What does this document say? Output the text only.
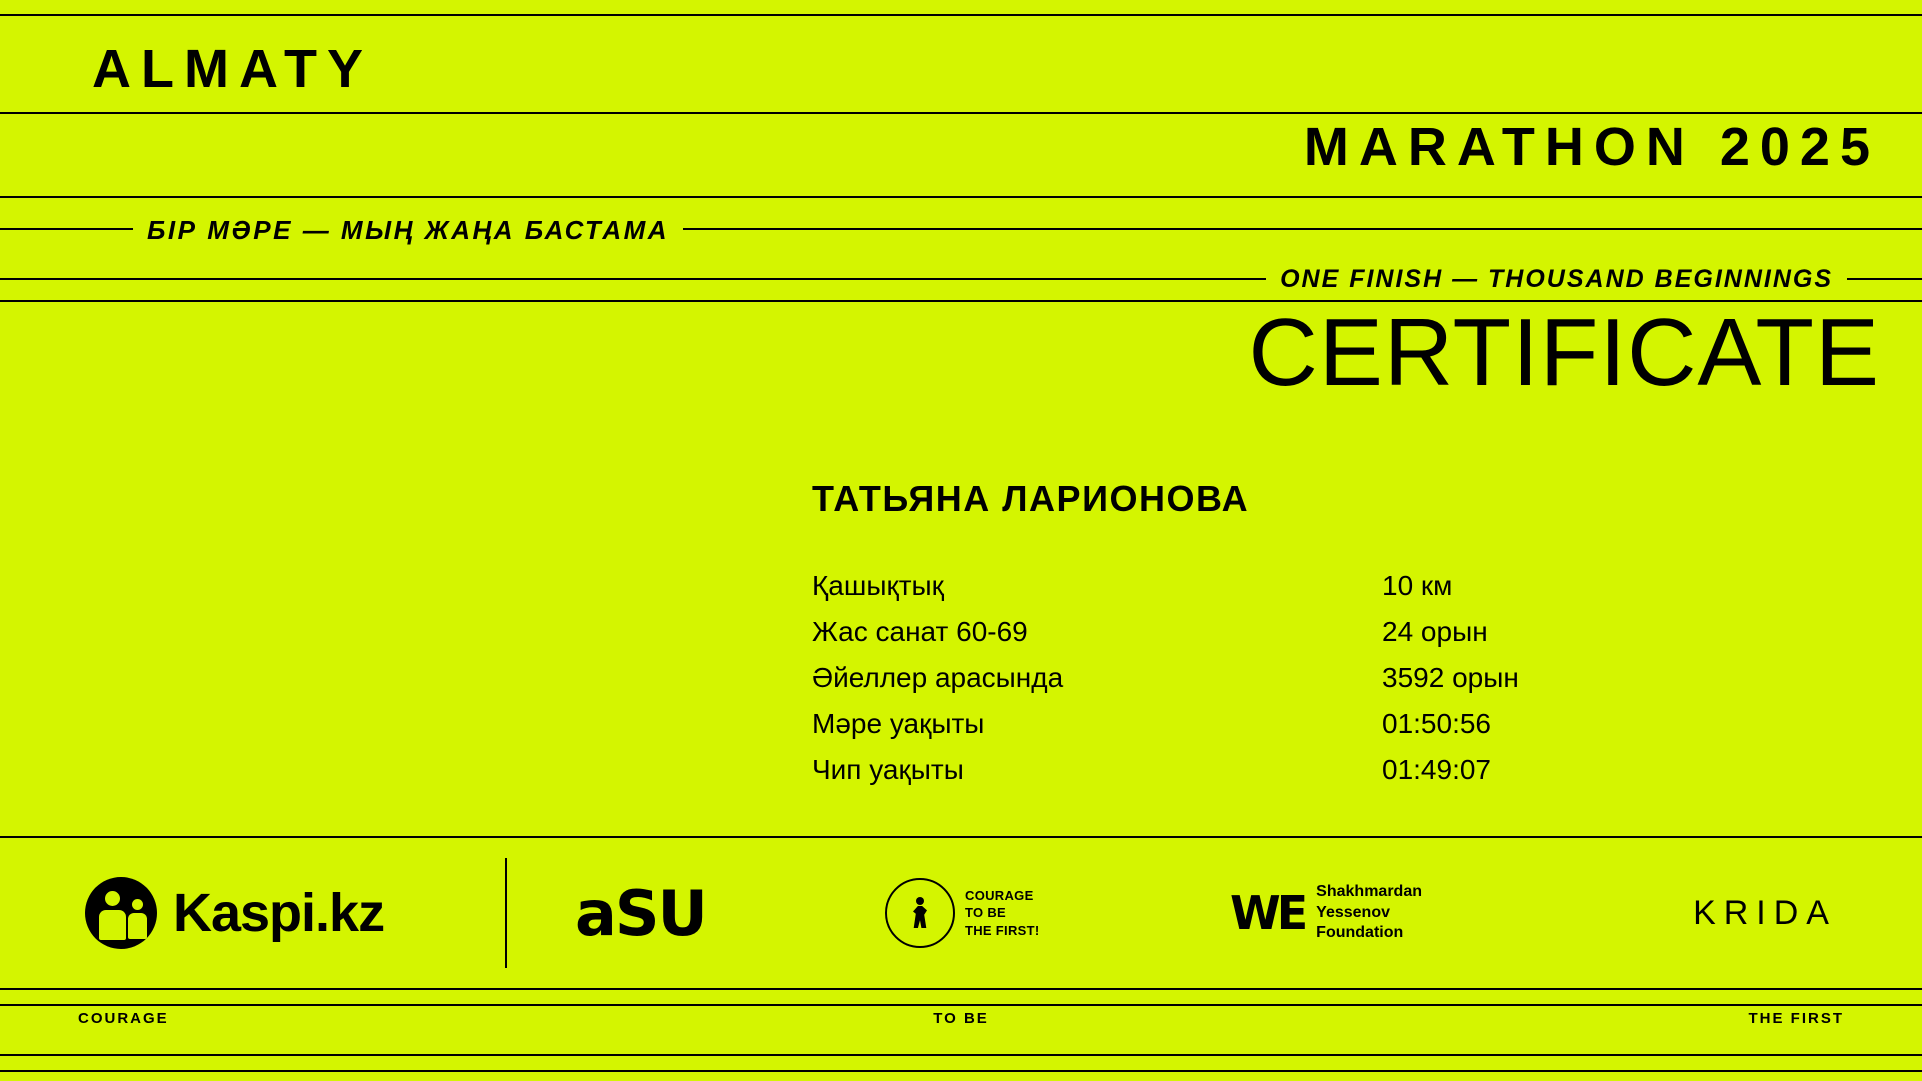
ALMATY
MARATHON 2025
БІР МӘРЕ — МЫҢ ЖАҢА БАСТАМА
ONE FINISH — THOUSAND BEGINNINGS
CERTIFICATE
ТАТЬЯНА ЛАРИОНОВА
Қашықтық	10 км
Жас санат 60-69	24 орын
Әйеллер арасында	3592 орын
Мәре уақыты	01:50:56
Чип уақыты	01:49:07
Kaspi.kz	aSU	COURAGE
TO BE
THE FIRST!	WE Shakhmardan
Yessenov
Foundation
KRIDA
COURAGE	TO BE	THE FIRST
